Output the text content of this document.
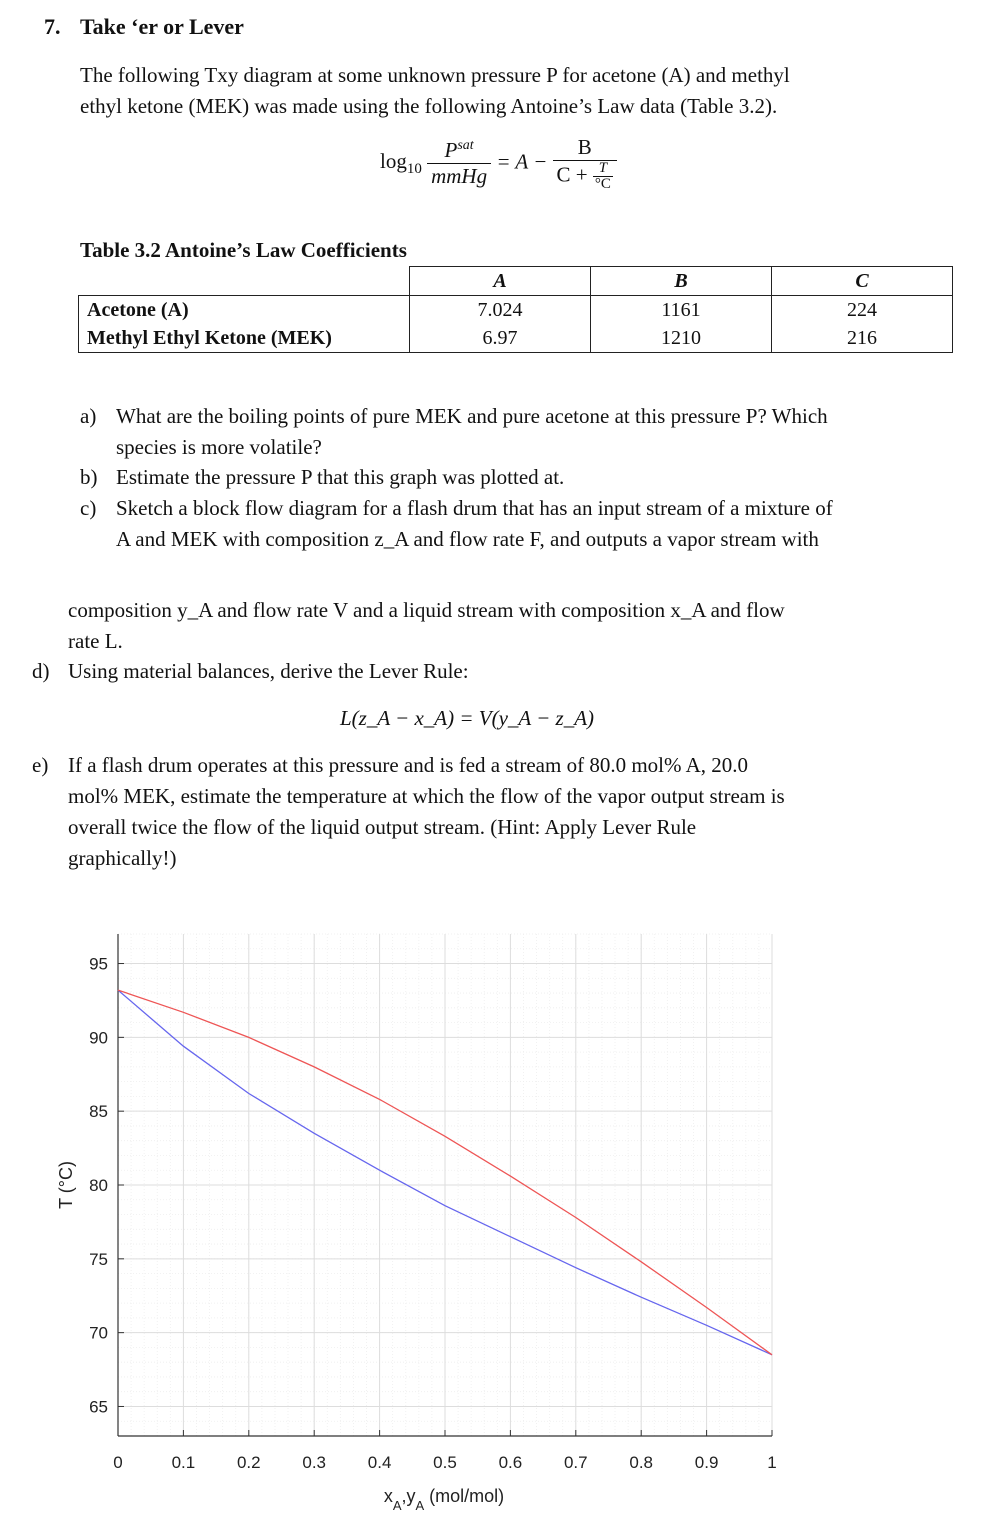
7. Take ‘er or Lever
The following Txy diagram at some unknown pressure P for acetone (A) and methyl
ethyl ketone (MEK) was made using the following Antoine’s Law data (Table 3.2).
$\log_{10} \frac{P^{sat}}{\text{mmHg}} = A - \frac{B}{C + \frac{T}{^\circ C}}$
Table 3.2 Antoine’s Law Coefficients
	A	B	C
Acetone (A)	7.024	1161	224
Methyl Ethyl Ketone (MEK)	6.97	1210	216
a) What are the boiling points of pure MEK and pure acetone at this pressure P? Which
species is more volatile?
b) Estimate the pressure P that this graph was plotted at.
c) Sketch a block flow diagram for a flash drum that has an input stream of a mixture of
A and MEK with composition z_A and flow rate F, and outputs a vapor stream with
composition y_A and flow rate V and a liquid stream with composition x_A and flow
rate L.
d) Using material balances, derive the Lever Rule:
L(z_A − x_A) = V(y_A − z_A)
e) If a flash drum operates at this pressure and is fed a stream of 80.0 mol% A, 20.0
mol% MEK, estimate the temperature at which the flow of the vapor output stream is
overall twice the flow of the liquid output stream. (Hint: Apply Lever Rule
graphically!)
0	0.1 0.2 0.3 0.4 0.5 0.6 0.7 0.8 0.9	1
65
70
75
80
85
90
95
T (°C)
$x_A,y_A$ (mol/mol)
